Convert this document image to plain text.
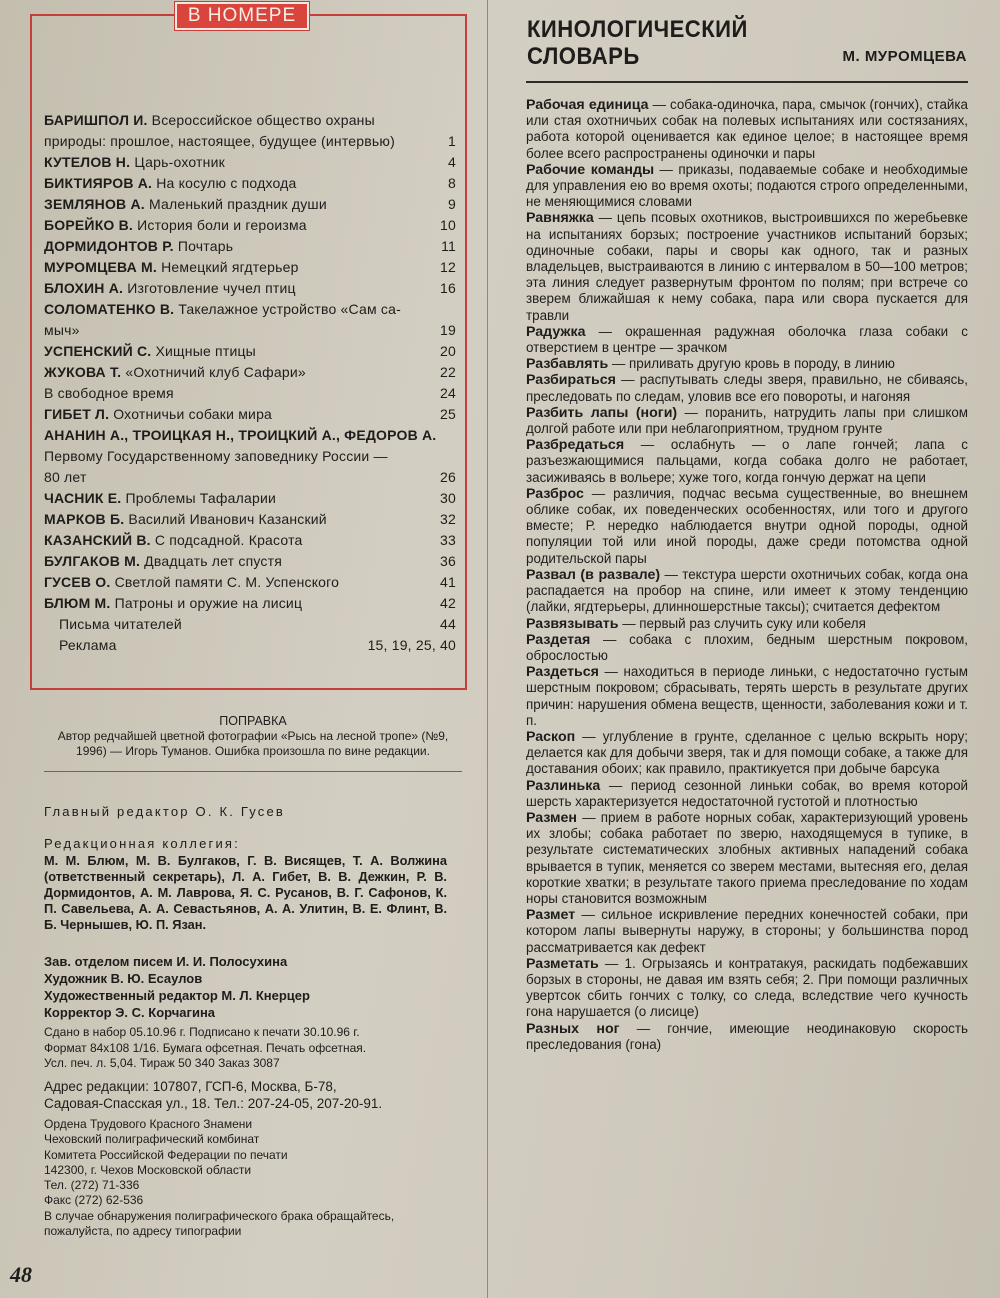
В НОМЕРЕ
БАРИШПОЛ И. Всероссийское общество охраны
природы: прошлое, настоящее, будущее (интервью)	1
КУТЕЛОВ Н. Царь-охотник	4
БИКТИЯРОВ А. На косулю с подхода	8
ЗЕМЛЯНОВ А. Маленький праздник души	9
БОРЕЙКО В. История боли и героизма	10
ДОРМИДОНТОВ Р. Почтарь	11
МУРОМЦЕВА М. Немецкий ягдтерьер	12
БЛОХИН А. Изготовление чучел птиц	16
СОЛОМАТЕНКО В. Такелажное устройство «Сам са-
мыч»	19
УСПЕНСКИЙ С. Хищные птицы	20
ЖУКОВА Т. «Охотничий клуб Сафари»	22
В свободное время	24
ГИБЕТ Л. Охотничьи собаки мира	25
АНАНИН А., ТРОИЦКАЯ Н., ТРОИЦКИЙ А., ФЕДОРОВ А.
Первому Государственному заповеднику России —
80 лет	26
ЧАСНИК Е. Проблемы Тафаларии	30
МАРКОВ Б. Василий Иванович Казанский	32
КАЗАНСКИЙ В. С подсадной. Красота	33
БУЛГАКОВ М. Двадцать лет спустя	36
ГУСЕВ О. Светлой памяти С. М. Успенского	41
БЛЮМ М. Патроны и оружие на лисиц	42
Письма читателей	44
Реклама	15, 19, 25, 40
ПОПРАВКА
Автор редчайшей цветной фотографии «Рысь на лесной тропе» (№9, 1996) — Игорь Туманов. Ошибка произошла по вине редакции.
Главный редактор О. К. Гусев
Редакционная коллегия:
М. М. Блюм, М. В. Булгаков, Г. В. Висящев, Т. А. Волжина (ответственный секретарь), Л. А. Гибет, В. В. Дежкин, Р. В. Дормидонтов, А. М. Лаврова, Я. С. Русанов, В. Г. Сафонов, К. П. Савельева, А. А. Севастьянов, А. А. Улитин, В. Е. Флинт, В. Б. Чернышев, Ю. П. Язан.
Зав. отделом писем И. И. Полосухина
Художник В. Ю. Есаулов
Художественный редактор М. Л. Кнерцер
Корректор Э. С. Корчагина
Сдано в набор 05.10.96 г. Подписано к печати 30.10.96 г.
Формат 84x108 1/16. Бумага офсетная. Печать офсетная.
Усл. печ. л. 5,04. Тираж 50 340 Заказ 3087
Адрес редакции: 107807, ГСП-6, Москва, Б-78,
Садовая-Спасская ул., 18. Тел.: 207-24-05, 207-20-91.
Ордена Трудового Красного Знамени
Чеховский полиграфический комбинат
Комитета Российской Федерации по печати
142300, г. Чехов Московской области
Тел. (272) 71-336
Факс (272) 62-536
В случае обнаружения полиграфического брака обращайтесь, пожалуйста, по адресу типографии
48
КИНОЛОГИЧЕСКИЙ
СЛОВАРЬ	М. МУРОМЦЕВА

Рабочая единица — собака-одиночка, пара, смычок (гончих), стайка или стая охотничьих собак на полевых испытаниях или состязаниях, работа которой оценивается как единое целое; в настоящее время более всего распространены одиночки и пары

Рабочие команды — приказы, подаваемые собаке и необходимые для управления ею во время охоты; подаются строго определенными, не меняющимися словами

Равняжка — цепь псовых охотников, выстроившихся по жеребьевке на испытаниях борзых; построение участников испытаний борзых; одиночные собаки, пары и своры как одного, так и разных владельцев, выстраиваются в линию с интервалом в 50—100 метров; эта линия следует развернутым фронтом по полям; при встрече со зверем ближайшая к нему собака, пара или свора пускается для травли

Радужка — окрашенная радужная оболочка глаза собаки с отверстием в центре — зрачком

Разбавлять — приливать другую кровь в породу, в линию

Разбираться — распутывать следы зверя, правильно, не сбиваясь, преследовать по следам, уловив все его повороты, и нагоняя

Разбить лапы (ноги) — поранить, натрудить лапы при слишком долгой работе или при неблагоприятном, трудном грунте

Разбредаться — ослабнуть — о лапе гончей; лапа с разъезжающимися пальцами, когда собака долго не работает, засиживаясь в вольере; хуже того, когда гончую держат на цепи

Разброс — различия, подчас весьма существенные, во внешнем облике собак, их поведенческих особенностях, или того и другого вместе; Р. нередко наблюдается внутри одной породы, одной популяции той или иной породы, даже среди потомства одной родительской пары

Развал (в развале) — текстура шерсти охотничьих собак, когда она распадается на пробор на спине, или имеет к этому тенденцию (лайки, ягдтерьеры, длинношерстные таксы); считается дефектом

Развязывать — первый раз случить суку или кобеля

Раздетая — собака с плохим, бедным шерстным покровом, оброслостью

Раздеться — находиться в периоде линьки, с недостаточно густым шерстным покровом; сбрасывать, терять шерсть в результате других причин: нарушения обмена веществ, щенности, заболевания кожи и т. п.

Раскоп — углубление в грунте, сделанное с целью вскрыть нору; делается как для добычи зверя, так и для помощи собаке, а также для доставания обоих; как правило, практикуется при добыче барсука

Разлинька — период сезонной линьки собак, во время которой шерсть характеризуется недостаточной густотой и плотностью

Размен — прием в работе норных собак, характеризующий уровень их злобы; собака работает по зверю, находящемуся в тупике, в результате систематических злобных активных нападений собака врывается в тупик, меняется со зверем местами, вытесняя его, делая короткие хватки; в результате такого приема преследование по ходам норы становится возможным

Размет — сильное искривление передних конечностей собаки, при котором лапы вывернуты наружу, в стороны; у большинства пород рассматривается как дефект

Разметать — 1. Огрызаясь и контратакуя, раскидать подбежавших борзых в стороны, не давая им взять себя; 2. При помощи различных увертсок сбить гончих с толку, со следа, вследствие чего кучность гона нарушается (о лисице)

Разных ног — гончие, имеющие неодинаковую скорость преследования (гона)
